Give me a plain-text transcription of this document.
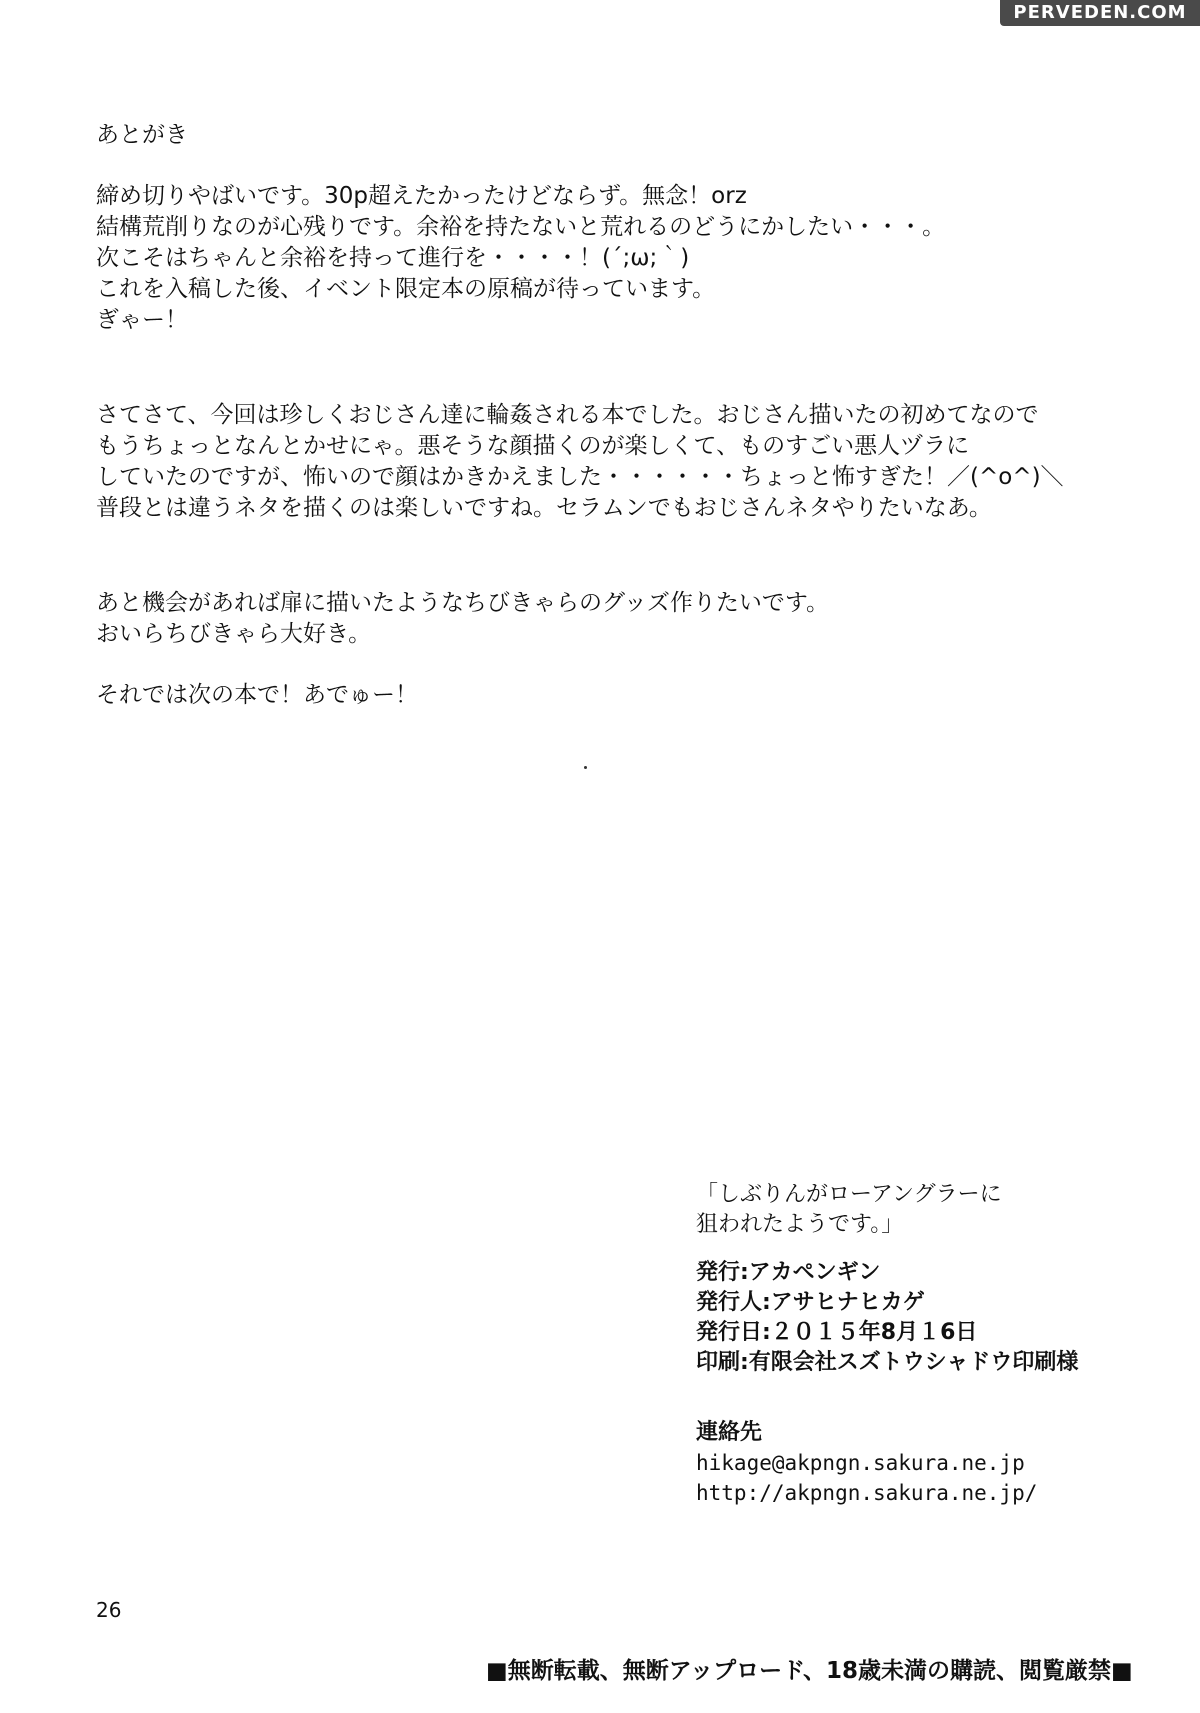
PERVEDEN.COM
あとがき
締め切りやばいです。30p超えたかったけどならず。無念！orz
結構荒削りなのが心残りです。余裕を持たないと荒れるのどうにかしたい・・・。
次こそはちゃんと余裕を持って進行を・・・・！(´;ω;｀)
これを入稿した後、イベント限定本の原稿が待っています。
ぎゃー！
さてさて、今回は珍しくおじさん達に輪姦される本でした。おじさん描いたの初めてなので
もうちょっとなんとかせにゃ。悪そうな顔描くのが楽しくて、ものすごい悪人ヅラに
していたのですが、怖いので顔はかきかえました・・・・・・ちょっと怖すぎた！／(^o^)＼
普段とは違うネタを描くのは楽しいですね。セラムンでもおじさんネタやりたいなあ。
あと機会があれば扉に描いたようなちびきゃらのグッズ作りたいです。
おいらちびきゃら大好き。
それでは次の本で！あでゅー！
「しぶりんがローアングラーに
狙われたようです。」
発行:アカペンギン
発行人:アサヒナヒカゲ
発行日:２０１５年8月１6日
印刷:有限会社スズトウシャドウ印刷様
連絡先
hikage@akpngn.sakura.ne.jp
http://akpngn.sakura.ne.jp/
26
■無断転載、無断アップロード、18歳未満の購読、閲覧厳禁■
